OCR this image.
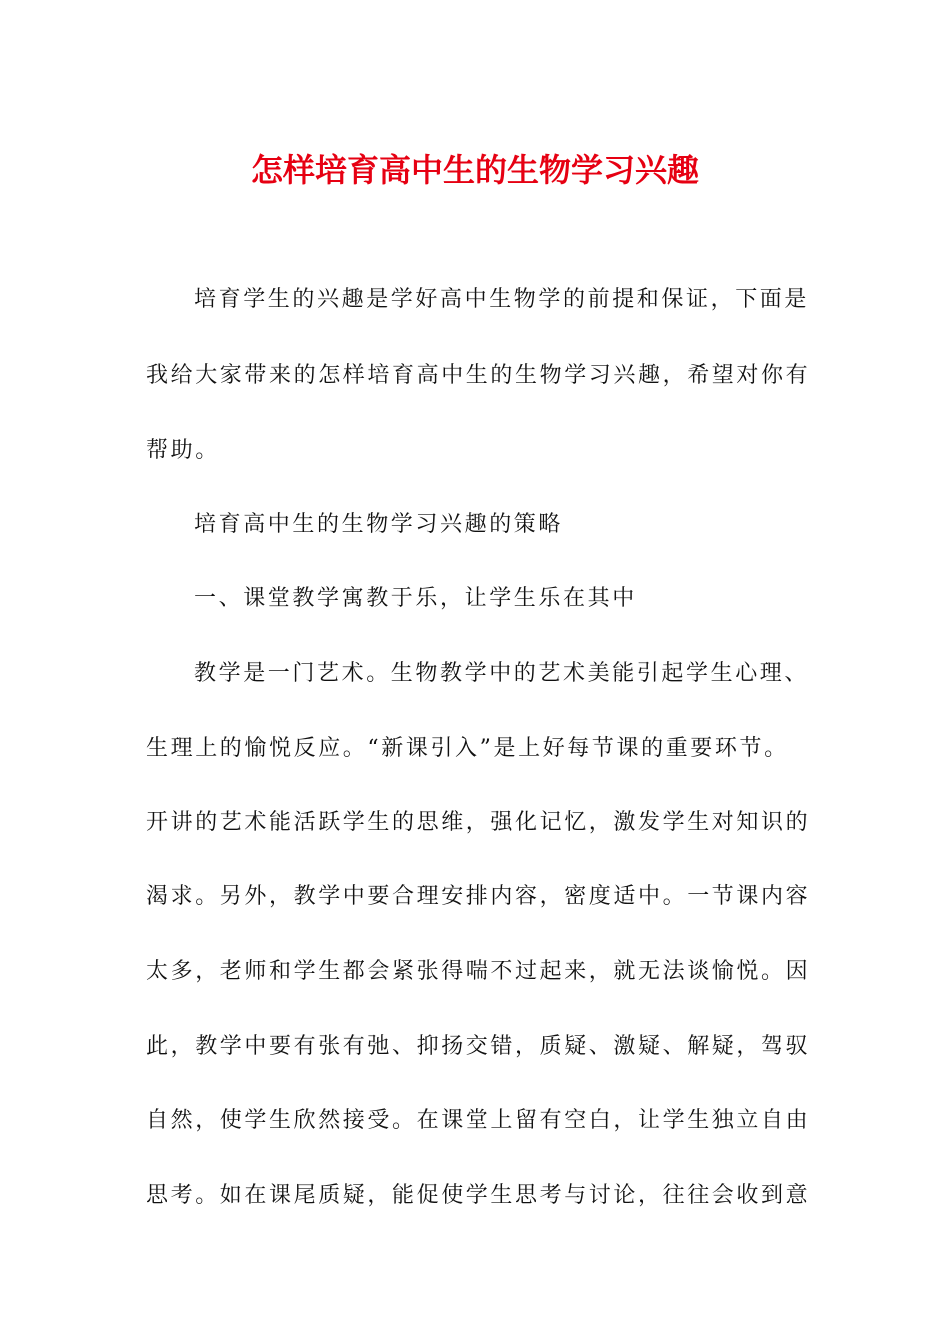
怎样培育高中生的生物学习兴趣
培育学生的兴趣是学好高中生物学的前提和保证，下面是
我给大家带来的怎样培育高中生的生物学习兴趣，希望对你有
帮助。
培育高中生的生物学习兴趣的策略
一、课堂教学寓教于乐，让学生乐在其中
教学是一门艺术。生物教学中的艺术美能引起学生心理、
生理上的愉悦反应。“新课引入”是上好每节课的重要环节。
开讲的艺术能活跃学生的思维，强化记忆，激发学生对知识的
渴求。另外，教学中要合理安排内容，密度适中。一节课内容
太多，老师和学生都会紧张得喘不过起来，就无法谈愉悦。因
此，教学中要有张有弛、抑扬交错，质疑、激疑、解疑，驾驭
自然，使学生欣然接受。在课堂上留有空白，让学生独立自由
思考。如在课尾质疑，能促使学生思考与讨论，往往会收到意
